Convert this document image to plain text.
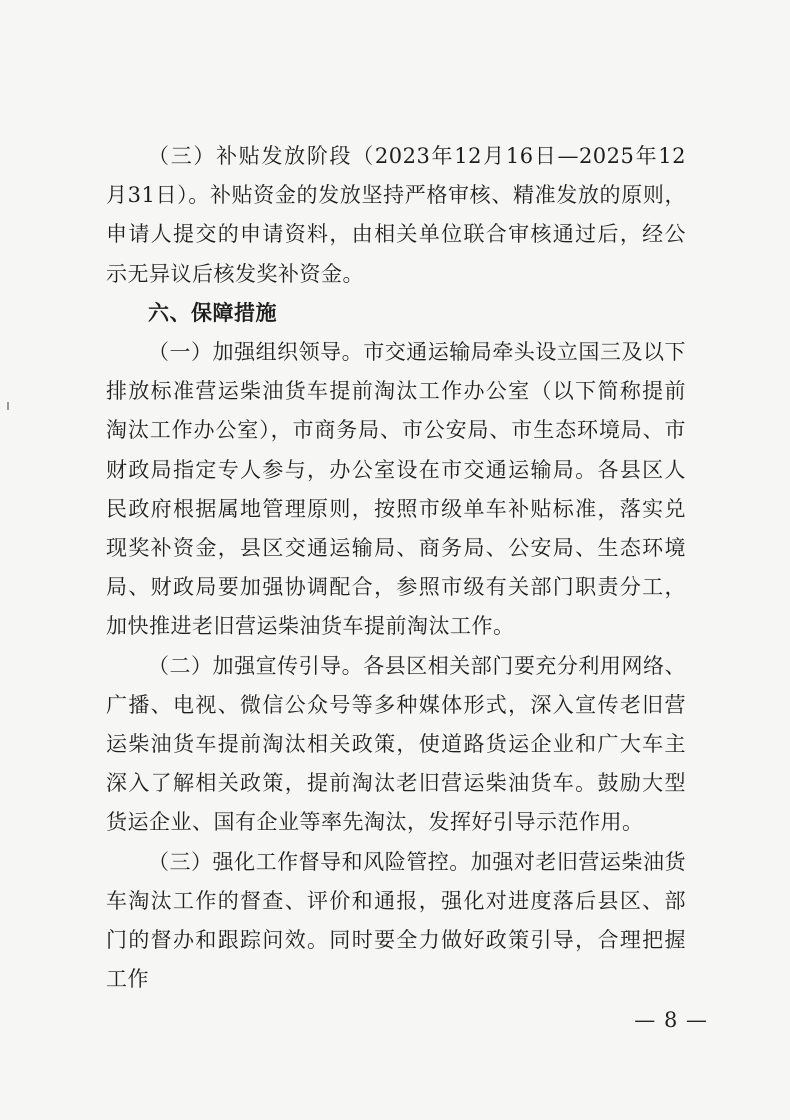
（三）补贴发放阶段（2023年12月16日—2025年12月31日）。补贴资金的发放坚持严格审核、精准发放的原则，申请人提交的申请资料，由相关单位联合审核通过后，经公示无异议后核发奖补资金。

六、保障措施

（一）加强组织领导。市交通运输局牵头设立国三及以下排放标准营运柴油货车提前淘汰工作办公室（以下简称提前淘汰工作办公室），市商务局、市公安局、市生态环境局、市财政局指定专人参与，办公室设在市交通运输局。各县区人民政府根据属地管理原则，按照市级单车补贴标准，落实兑现奖补资金，县区交通运输局、商务局、公安局、生态环境局、财政局要加强协调配合，参照市级有关部门职责分工，加快推进老旧营运柴油货车提前淘汰工作。

（二）加强宣传引导。各县区相关部门要充分利用网络、广播、电视、微信公众号等多种媒体形式，深入宣传老旧营运柴油货车提前淘汰相关政策，使道路货运企业和广大车主深入了解相关政策，提前淘汰老旧营运柴油货车。鼓励大型货运企业、国有企业等率先淘汰，发挥好引导示范作用。

（三）强化工作督导和风险管控。加强对老旧营运柴油货车淘汰工作的督查、评价和通报，强化对进度落后县区、部门的督办和跟踪问效。同时要全力做好政策引导，合理把握工作

— 8 —
